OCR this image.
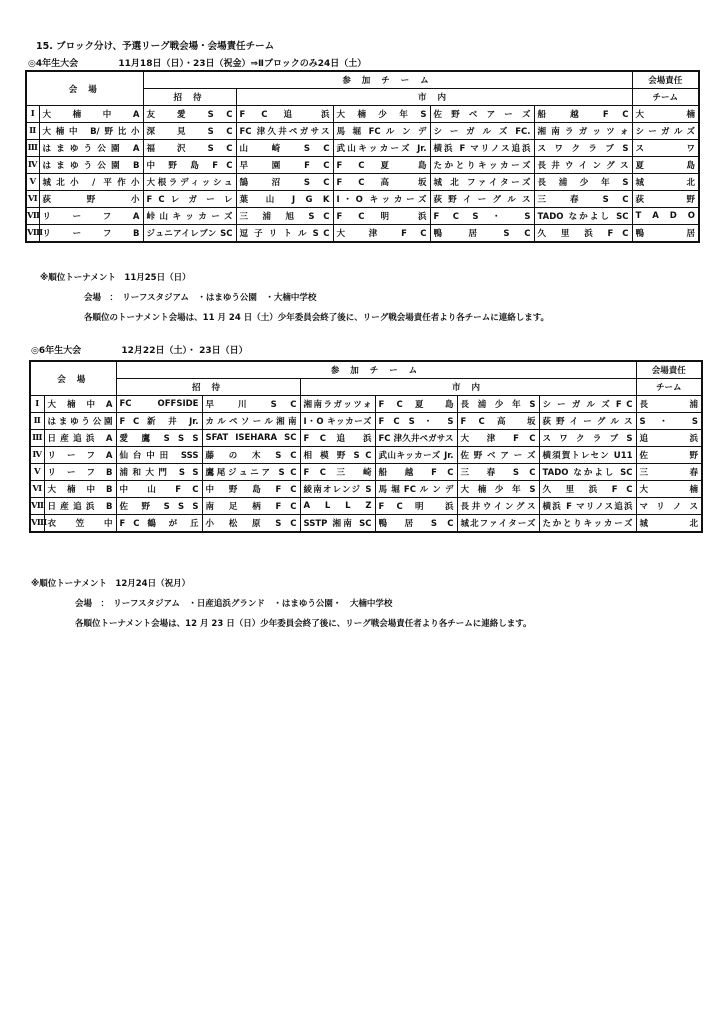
15. ブロック分け、予選リーグ戦会場・会場責任チーム
◎4年生大会	11月18日（日）・23日（祝金）⇒Ⅱブロックのみ24日（土）
会 場		参 加 チ ー ム					会場責任
		招 待	市 内				チーム
Ⅰ	大 楠 中 A	友 愛 S C	F C 追 浜	大 楠 少 年 S	佐 野 ベ ア ー ズ	船 越 F C	大 楠
Ⅱ	大楠中 B/野比小	深 見 S C	FC 津久井ペガサス	馬 堀 FC ル ン デ	シ ー ガ ル ズ FC.	湘 南 ラ ガ ッ ツ ォ	シーガルズ
Ⅲ	はまゆう公園 A	福 沢 S C	山 崎 S C	武山キッカーズ Jr.	横浜 F マリノス追浜	ス ワ ク ラ ブ S	ス ワ
Ⅳ	はまゆう公園 B	中 野 島 F C	早 園 F C	F C 夏 島	たかとりキッカーズ	長 井 ウ イ ン グ ス	夏 島
Ⅴ	城北小 / 平作小	大根ラディッシュ	鵠 沼 S C	F C 高 坂	城 北 ファイターズ	長 浦 少 年 S	城 北
Ⅵ	荻 野 小	F C レ ガ ー レ	葉 山 J G K	I・O キッカーズ	荻 野 イ ー グ ル ス	三 春 S C	荻 野
Ⅶ	リ ー フ A	峠山キッカーズ	三 浦 旭 S C	F C 明 浜	F C S ・ S	TADO なかよし SC	T A D O
Ⅷ	リ ー フ B	ジュニアイレブン SC	逗 子 リ ト ル S C	大 津 F C	鴨 居 S C	久 里 浜 F C	鴨 居
※順位トーナメント　11月25日（日）
会場　：　リーフスタジアム　・はまゆう公園　・大楠中学校
各順位のトーナメント会場は、11 月 24 日（土）少年委員会終了後に、リーグ戦会場責任者より各チームに連絡します。
◎6年生大会	12月22日（土）・ 23日（日）
会 場		参 加 チ ー ム						会場責任
		招 待		市 内				チーム
Ⅰ	大 楠 中 A	FC OFFSIDE	早 川 S C	湘南ラガッツォ	F C 夏 島	長 浦 少 年 S	シ ー ガ ル ズ F C	長 浦
Ⅱ	はまゆう公園	F C 新 井 Jr.	カルペソール湘南	I・O キッカーズ	F C S ・ S	F C 高 坂	荻 野 イ ー グ ル ス	S ・ S
Ⅲ	日産追浜 A	愛 鷹 S S S	SFAT ISEHARA SC	F C 追 浜	FC 津久井ペガサス	大 津 F C	ス ワ ク ラ ブ S	追 浜
Ⅳ	リ ー フ A	仙台中田 SSS	藤 の 木 S C	相 模 野 S C	武山キッカーズ Jr.	佐 野 ベ ア ー ズ	横須賀トレセン U11	佐 野
Ⅴ	リ ー フ B	浦和大門 S S	鷹尾ジュニア S C	F C 三 崎	船 越 F C	三 春 S C	TADO なかよし SC	三 春
Ⅵ	大 楠 中 B	中 山 F C	中 野 島 F C	綾南オレンジ S	馬 堀 FC ル ン デ	大 楠 少 年 S	久 里 浜 F C	大 楠
Ⅶ	日産追浜 B	佐 野 S S S	南 足 柄 F C	A L L Z	F C 明 浜	長井ウイングス	横浜 F マリノス追浜	マ リ ノ ス
Ⅷ	衣 笠 中	F C 鶴 が 丘	小 松 原 S C	SSTP 湘南 SC	鴨 居 S C	城北ファイターズ	たかとりキッカーズ	城 北
※順位トーナメント　12月24日（祝月）
会場　：　リーフスタジアム　・日産追浜グランド　・はまゆう公園・　大楠中学校
各順位トーナメント会場は、12 月 23 日（日）少年委員会終了後に、リーグ戦会場責任者より各チームに連絡します。
